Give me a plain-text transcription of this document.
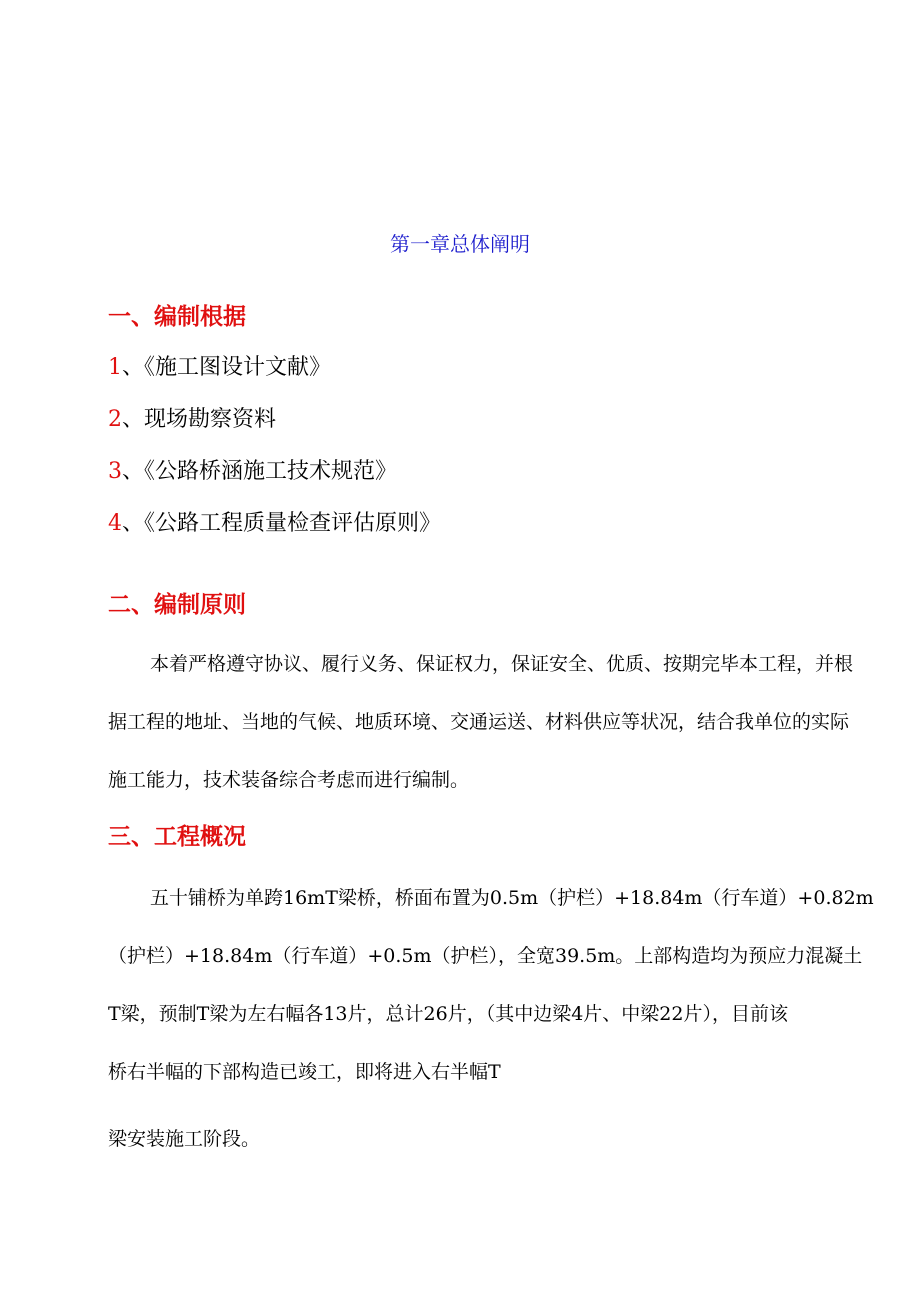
第一章总体阐明
一、编制根据
1、《施工图设计文献》
2、现场勘察资料
3、《公路桥涵施工技术规范》
4、《公路工程质量检查评估原则》
二、编制原则
本着严格遵守协议、履行义务、保证权力，保证安全、优质、按期完毕本工程，并根
据工程的地址、当地的气候、地质环境、交通运送、材料供应等状况，结合我单位的实际
施工能力，技术装备综合考虑而进行编制。
三、工程概况
五十铺桥为单跨16mT梁桥，桥面布置为0.5m（护栏）+18.84m（行车道）+0.82m
（护栏）+18.84m（行车道）+0.5m（护栏），全宽39.5m。上部构造均为预应力混凝土
T梁，预制T梁为左右幅各13片，总计26片，（其中边梁4片、中梁22片），目前该
桥右半幅的下部构造已竣工，即将进入右半幅T
梁安装施工阶段。
